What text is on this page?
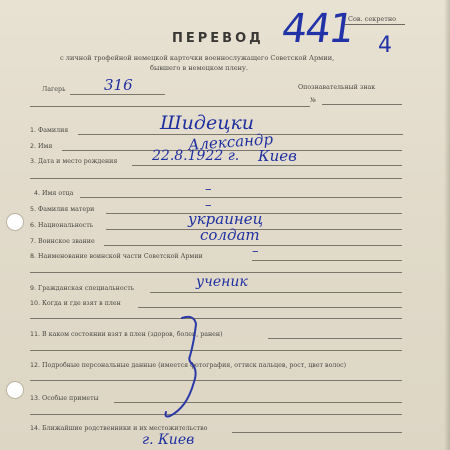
Сов. секретно
441 4
ПЕРЕВОД
с личной трофейной немецкой карточки военнослужащего Советской Армии,
бывшего в немецком плену.
Лагерь	316	Опознавательный знак
№
1. Фамилия	Шидецки
2. Имя	Александр
3. Дата и место рождения 22.8.1922 г. Киев
4. Имя отца	–
5. Фамилия матери	–
6. Национальность	украинец
7. Воинское звание	солдат
8. Наименование воинской части Советской Армии	–
9. Гражданская специальность	ученик
10. Когда и где взят в плен
11. В каком состоянии взят в плен (здоров, болен, ранен)
12. Подробные персональные данные (имеется фотография, оттиск пальцев, рост, цвет волос)
13. Особые приметы
14. Ближайшие родственники и их местожительство
г. Киев
